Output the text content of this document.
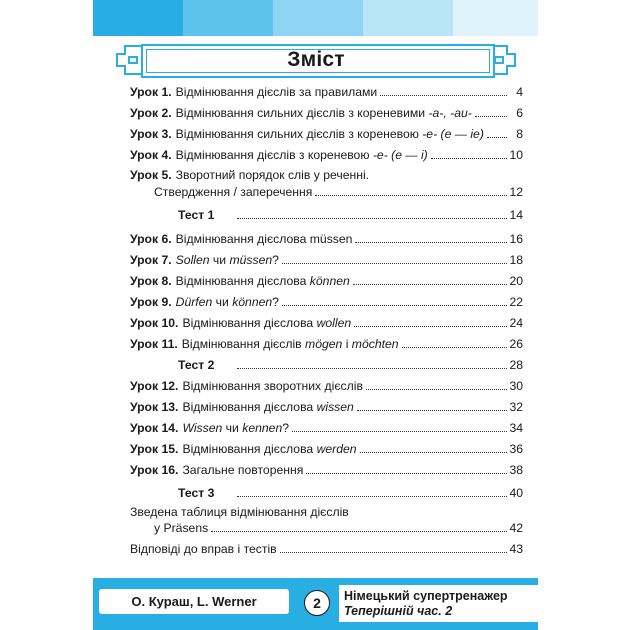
Зміст
Урок 1. Відмінювання дієслів за правилами	4
Урок 2. Відмінювання сильних дієслів з кореневими -a-, -au-	6
Урок 3. Відмінювання сильних дієслів з кореневою -e- (e — ie)	8
Урок 4. Відмінювання дієслів з кореневою -e- (e — i)	10
Урок 5. Зворотний порядок слів у реченні.
Ствердження / заперечення	12
Тест 1	14
Урок 6. Відмінювання дієслова müssen	16
Урок 7. Sollen чи müssen?	18
Урок 8. Відмінювання дієслова können	20
Урок 9. Dürfen чи können?	22
Урок 10. Відмінювання дієслова wollen	24
Урок 11. Відмінювання дієслів mögen і möchten	26
Тест 2	28
Урок 12. Відмінювання зворотних дієслів	30
Урок 13. Відмінювання дієслова wissen	32
Урок 14. Wissen чи kennen?	34
Урок 15. Відмінювання дієслова werden	36
Урок 16. Загальне повторення	38
Тест 3	40
Зведена таблиця відмінювання дієслів
у Präsens	42
Відповіді до вправ і тестів	43
О. Кураш, L. Werner	2	Німецький супертренажер
Теперішній час. 2
